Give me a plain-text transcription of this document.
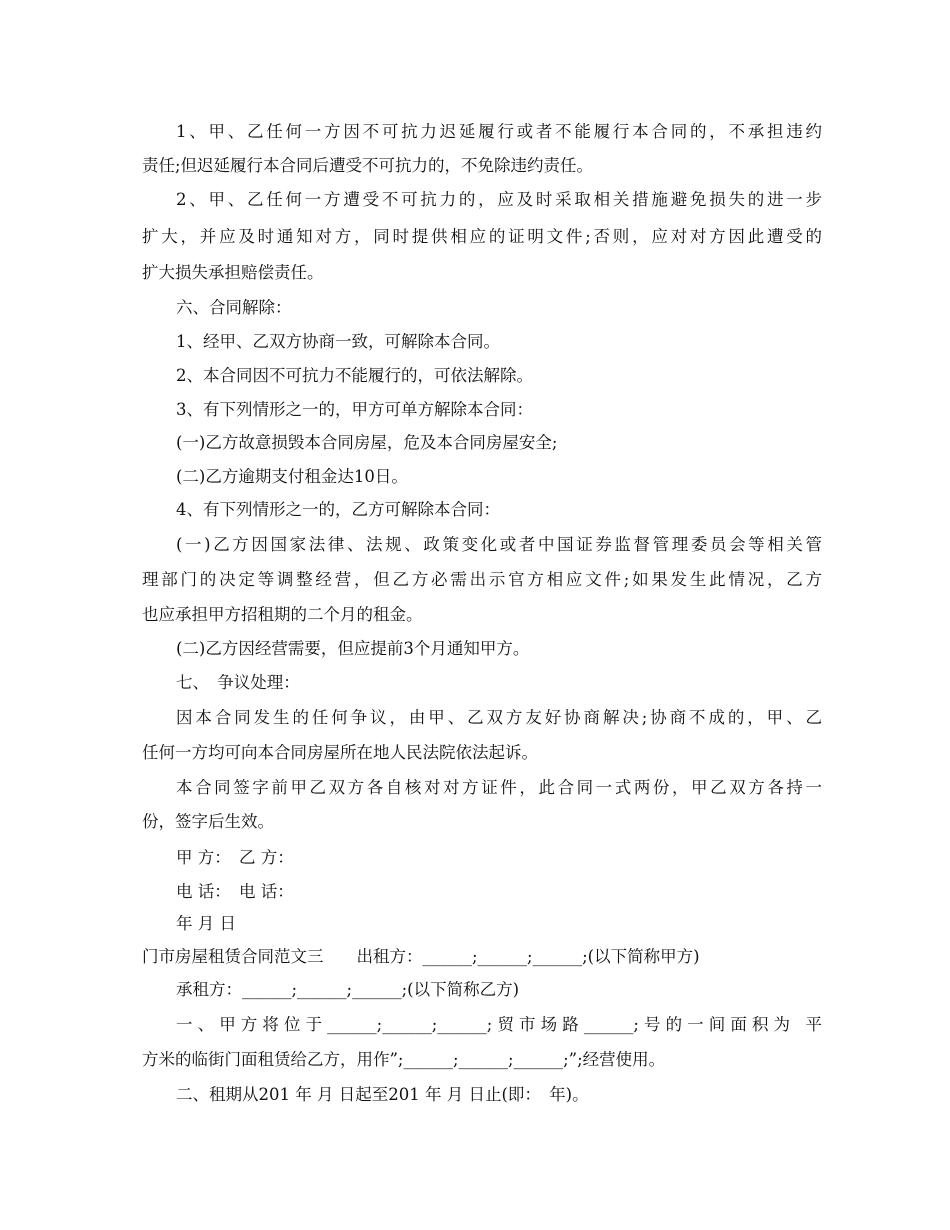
1、甲、乙任何一方因不可抗力迟延履行或者不能履行本合同的，不承担违约
责任;但迟延履行本合同后遭受不可抗力的，不免除违约责任。
2、甲、乙任何一方遭受不可抗力的，应及时采取相关措施避免损失的进一步
扩大，并应及时通知对方，同时提供相应的证明文件;否则，应对对方因此遭受的
扩大损失承担赔偿责任。
六、合同解除：
1、经甲、乙双方协商一致，可解除本合同。
2、本合同因不可抗力不能履行的，可依法解除。
3、有下列情形之一的，甲方可单方解除本合同：
(一)乙方故意损毁本合同房屋，危及本合同房屋安全;
(二)乙方逾期支付租金达10日。
4、有下列情形之一的，乙方可解除本合同：
(一)乙方因国家法律、法规、政策变化或者中国证券监督管理委员会等相关管
理部门的决定等调整经营，但乙方必需出示官方相应文件;如果发生此情况，乙方
也应承担甲方招租期的二个月的租金。
(二)乙方因经营需要，但应提前3个月通知甲方。
七、　争议处理：
因本合同发生的任何争议，由甲、乙双方友好协商解决;协商不成的，甲、乙
任何一方均可向本合同房屋所在地人民法院依法起诉。
本合同签字前甲乙双方各自核对对方证件，此合同一式两份，甲乙双方各持一
份，签字后生效。
甲 方：　乙 方：
电 话：　电 话：
年 月 日
门市房屋租赁合同范文三　　出租方：______;______;______;(以下简称甲方)
承租方：______;______;______;(以下简称乙方)
一、甲方将位于______;______;______;贸市场路______;号的一间面积为 平
方米的临街门面租赁给乙方，用作”;______;______;______;”;经营使用。
二、租期从201 年 月 日起至201 年 月 日止(即：　年)。
